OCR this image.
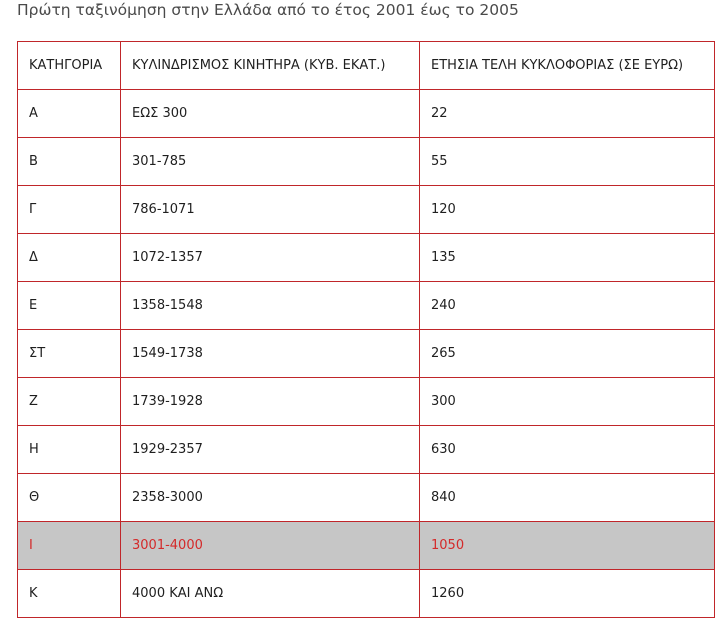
Πρώτη ταξινόμηση στην Ελλάδα από το έτος 2001 έως το 2005
ΚΑΤΗΓΟΡΙΑ	ΚΥΛΙΝΔΡΙΣΜΟΣ ΚΙΝΗΤΗΡΑ (ΚΥΒ. ΕΚΑΤ.)	ΕΤΗΣΙΑ ΤΕΛΗ ΚΥΚΛΟΦΟΡΙΑΣ (ΣΕ ΕΥΡΩ)
Α	ΕΩΣ 300	22
Β	301-785	55
Γ	786-1071	120
Δ	1072-1357	135
Ε	1358-1548	240
ΣΤ	1549-1738	265
Ζ	1739-1928	300
Η	1929-2357	630
Θ	2358-3000	840
Ι	3001-4000	1050
Κ	4000 ΚΑΙ ΑΝΩ	1260
